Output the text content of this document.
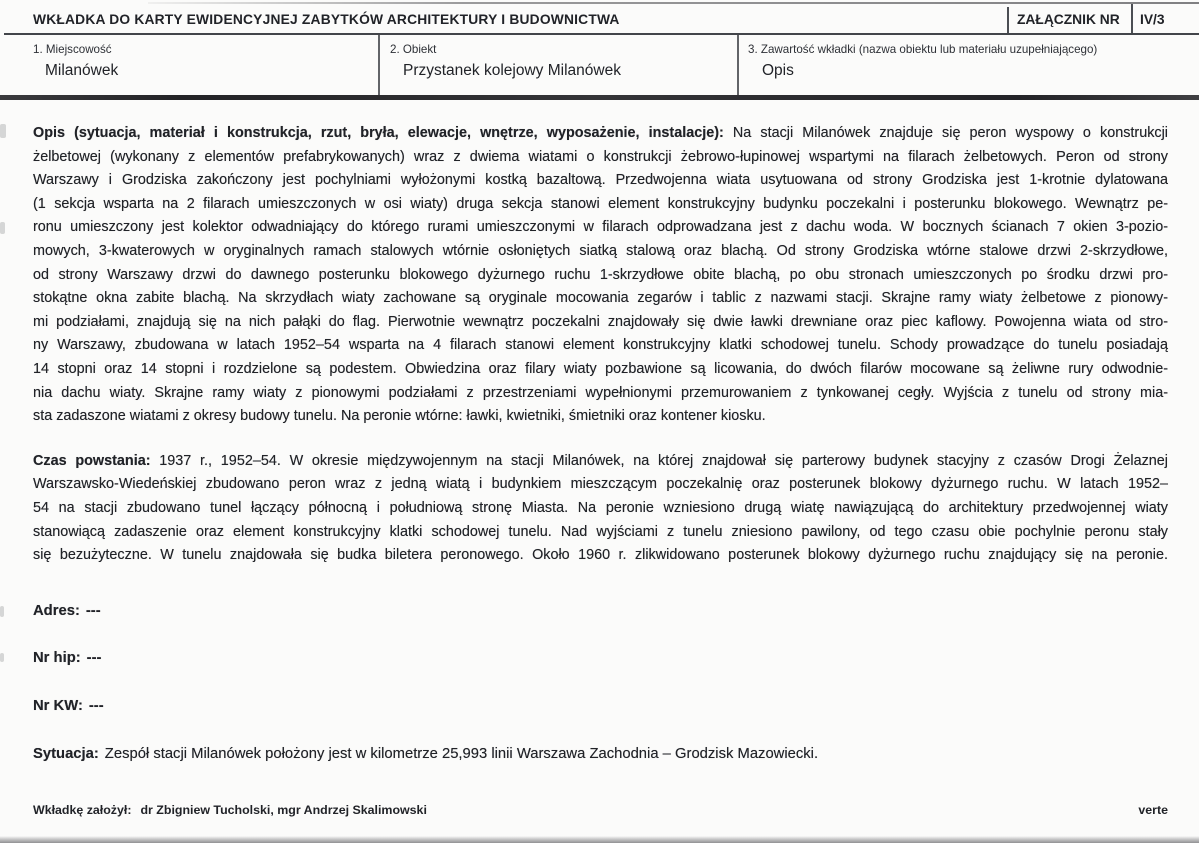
WKŁADKA DO KARTY EWIDENCYJNEJ ZABYTKÓW ARCHITEKTURY I BUDOWNICTWA	ZAŁĄCZNIK NR IV/3
1. Miejscowość
Milanówek
2. Obiekt
Przystanek kolejowy Milanówek
3. Zawartość wkładki (nazwa obiektu lub materiału uzupełniającego)
Opis
Opis (sytuacja, materiał i konstrukcja, rzut, bryła, elewacje, wnętrze, wyposażenie, instalacje): Na stacji Milanówek znajduje się peron wyspowy o konstrukcji
żelbetowej (wykonany z elementów prefabrykowanych) wraz z dwiema wiatami o konstrukcji żebrowo-łupinowej wspartymi na filarach żelbetowych. Peron od strony
Warszawy i Grodziska zakończony jest pochylniami wyłożonymi kostką bazaltową. Przedwojenna wiata usytuowana od strony Grodziska jest 1-krotnie dylatowana
(1 sekcja wsparta na 2 filarach umieszczonych w osi wiaty) druga sekcja stanowi element konstrukcyjny budynku poczekalni i posterunku blokowego. Wewnątrz pe-
ronu umieszczony jest kolektor odwadniający do którego rurami umieszczonymi w filarach odprowadzana jest z dachu woda. W bocznych ścianach 7 okien 3-pozio-
mowych, 3-kwaterowych w oryginalnych ramach stalowych wtórnie osłoniętych siatką stalową oraz blachą. Od strony Grodziska wtórne stalowe drzwi 2-skrzydłowe,
od strony Warszawy drzwi do dawnego posterunku blokowego dyżurnego ruchu 1-skrzydłowe obite blachą, po obu stronach umieszczonych po środku drzwi pro-
stokątne okna zabite blachą. Na skrzydłach wiaty zachowane są oryginale mocowania zegarów i tablic z nazwami stacji. Skrajne ramy wiaty żelbetowe z pionowy-
mi podziałami, znajdują się na nich pałąki do flag. Pierwotnie wewnątrz poczekalni znajdowały się dwie ławki drewniane oraz piec kaflowy. Powojenna wiata od stro-
ny Warszawy, zbudowana w latach 1952–54 wsparta na 4 filarach stanowi element konstrukcyjny klatki schodowej tunelu. Schody prowadzące do tunelu posiadają
14 stopni oraz 14 stopni i rozdzielone są podestem. Obwiedzina oraz filary wiaty pozbawione są licowania, do dwóch filarów mocowane są żeliwne rury odwodnie-
nia dachu wiaty. Skrajne ramy wiaty z pionowymi podziałami z przestrzeniami wypełnionymi przemurowaniem z tynkowanej cegły. Wyjścia z tunelu od strony mia-
sta zadaszone wiatami z okresy budowy tunelu. Na peronie wtórne: ławki, kwietniki, śmietniki oraz kontener kiosku.
Czas powstania: 1937 r., 1952–54. W okresie międzywojennym na stacji Milanówek, na której znajdował się parterowy budynek stacyjny z czasów Drogi Żelaznej
Warszawsko-Wiedeńskiej zbudowano peron wraz z jedną wiatą i budynkiem mieszczącym poczekalnię oraz posterunek blokowy dyżurnego ruchu. W latach 1952–
54 na stacji zbudowano tunel łączący północną i południową stronę Miasta. Na peronie wzniesiono drugą wiatę nawiązującą do architektury przedwojennej wiaty
stanowiącą zadaszenie oraz element konstrukcyjny klatki schodowej tunelu. Nad wyjściami z tunelu zniesiono pawilony, od tego czasu obie pochylnie peronu stały
się bezużyteczne. W tunelu znajdowała się budka biletera peronowego. Około 1960 r. zlikwidowano posterunek blokowy dyżurnego ruchu znajdujący się na peronie.
Adres: ---
Nr hip: ---
Nr KW: ---
Sytuacja: Zespół stacji Milanówek położony jest w kilometrze 25,993 linii Warszawa Zachodnia – Grodzisk Mazowiecki.
Wkładkę założył: dr Zbigniew Tucholski, mgr Andrzej Skalimowski	verte
